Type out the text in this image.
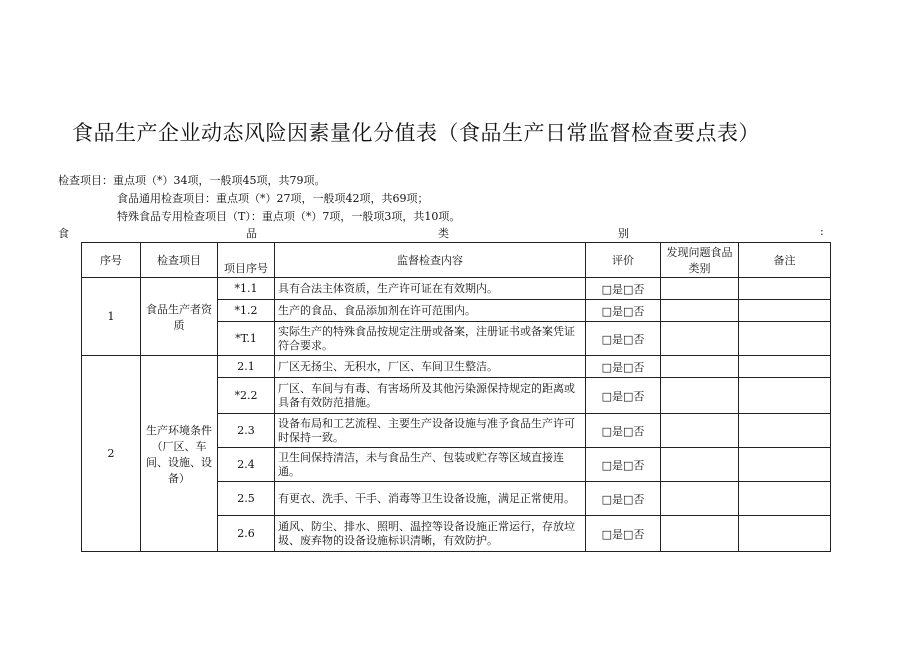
食品生产企业动态风险因素量化分值表（食品生产日常监督检查要点表）
检查项目：重点项（*）34项，一般项45项，共79项。
食品通用检查项目：重点项（*）27项，一般项42项，共69项；
特殊食品专用检查项目（T）：重点项（*）7项，一般项3项，共10项。
食	品	类	别	:
序号	检查项目	项目序号	监督检查内容	评价	发现问题食品类别	备注
1	食品生产者资质	*1.1	具有合法主体资质，生产许可证在有效期内。	□是□否		
		*1.2	生产的食品、食品添加剂在许可范围内。	□是□否		
		*T.1	实际生产的特殊食品按规定注册或备案，注册证书或备案凭证符合要求。	□是□否		
2	生产环境条件（厂区、车间、设施、设备）	2.1	厂区无扬尘、无积水，厂区、车间卫生整洁。	□是□否		
		*2.2	厂区、车间与有毒、有害场所及其他污染源保持规定的距离或具备有效防范措施。	□是□否		
		2.3	设备布局和工艺流程、主要生产设备设施与准予食品生产许可时保持一致。	□是□否		
		2.4	卫生间保持清洁，未与食品生产、包装或贮存等区域直接连通。	□是□否		
		2.5	有更衣、洗手、干手、消毒等卫生设备设施，满足正常使用。	□是□否		
		2.6	通风、防尘、排水、照明、温控等设备设施正常运行，存放垃圾、废弃物的设备设施标识清晰，有效防护。	□是□否		
